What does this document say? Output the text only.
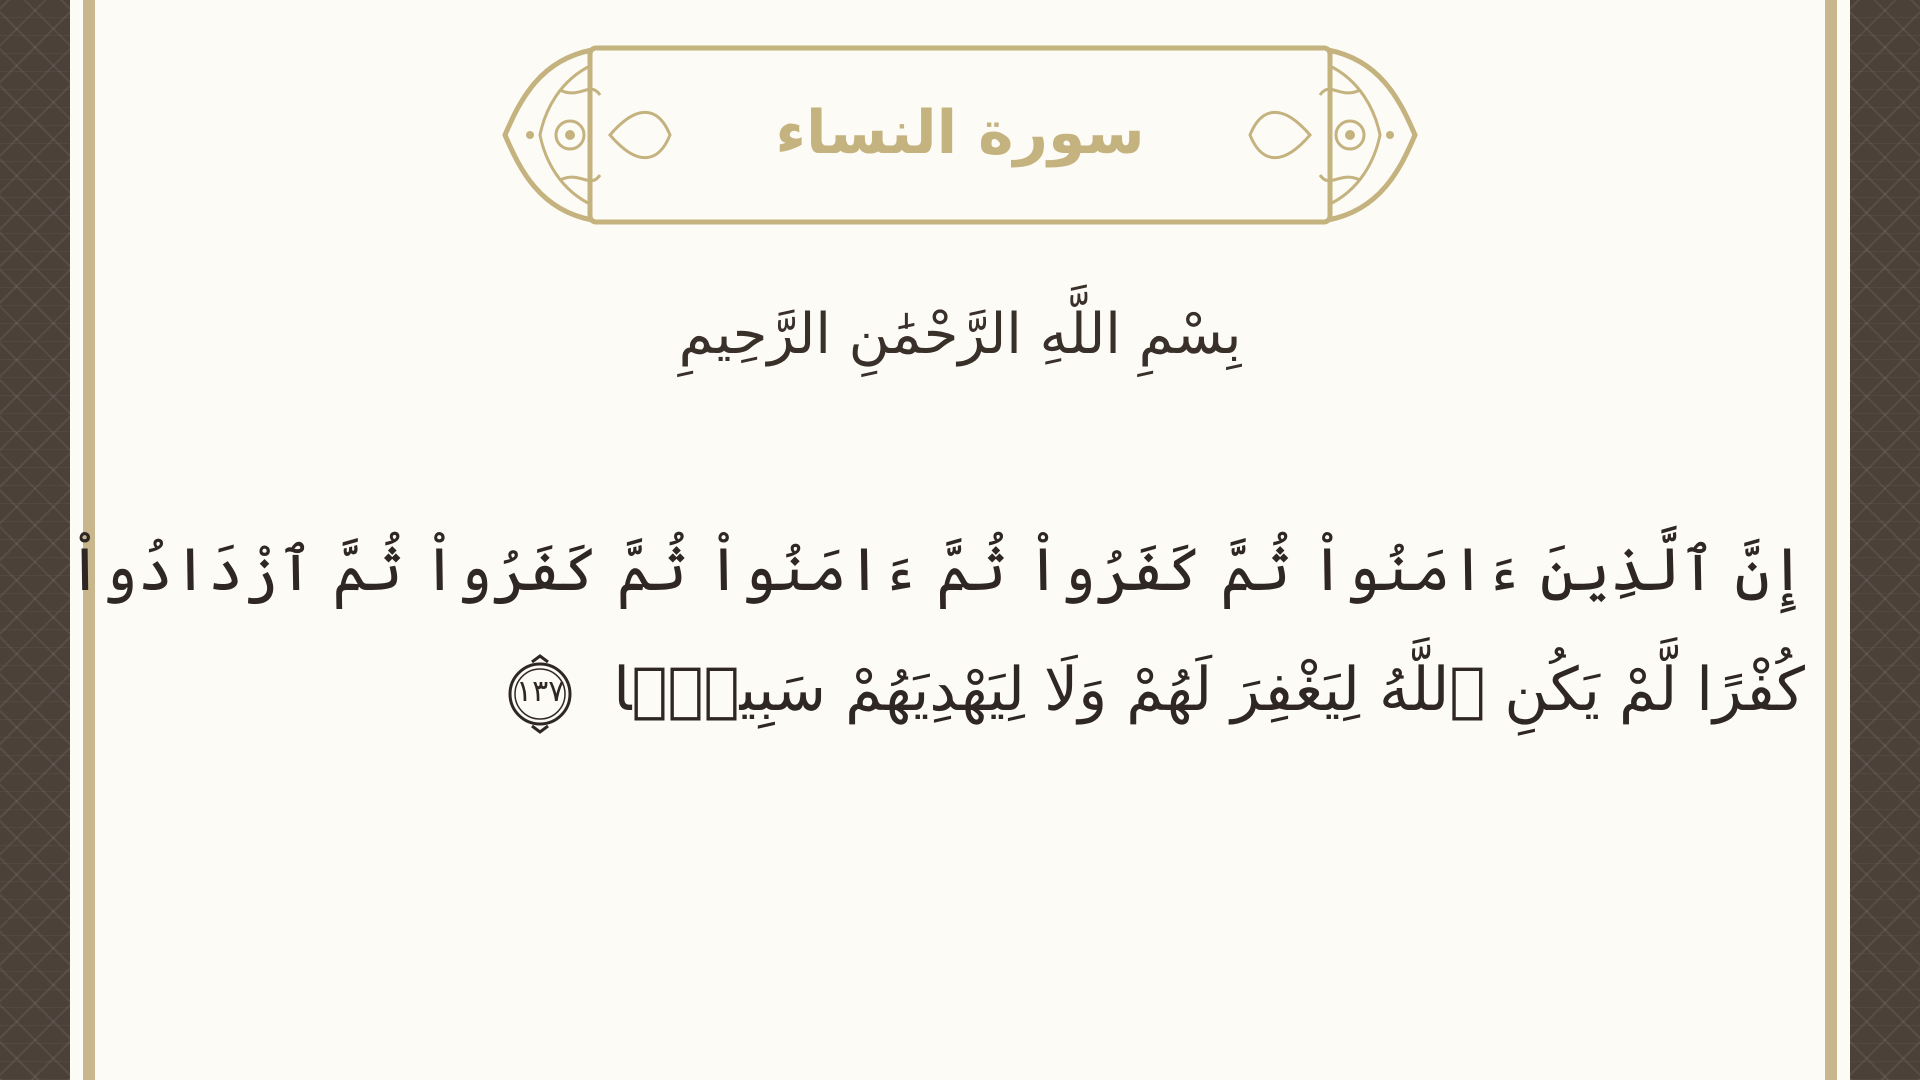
سورة النساء
بِسْمِ اللَّهِ الرَّحْمَٰنِ الرَّحِيمِ
إِنَّ ٱلَّذِينَ ءَامَنُواْ ثُمَّ كَفَرُواْ ثُمَّ ءَامَنُواْ ثُمَّ كَفَرُواْ ثُمَّ ٱزْدَادُواْ
كُفْرًا لَّمْ يَكُنِ ٱللَّهُ لِيَغْفِرَ لَهُمْ وَلَا لِيَهْدِيَهُمْ سَبِيلًۢا
١٣٧
